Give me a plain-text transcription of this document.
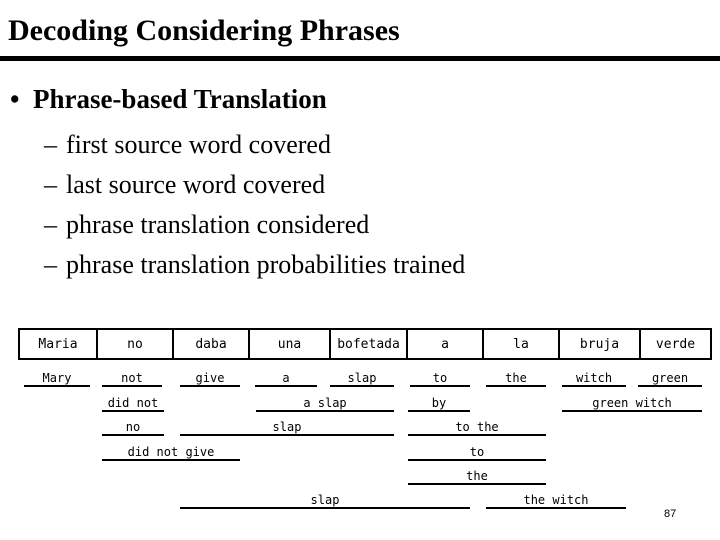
Decoding Considering Phrases
•  Phrase-based Translation
– first source word covered
– last source word covered
– phrase translation considered
– phrase translation probabilities trained
Maria	no	daba	una	bofetada	a	la	bruja	verde
Mary	not	give	a	slap	to	the	witch	green
did not	a slap	by	green witch
no	slap	to the
did not give	to
the
slap	the witch
87
